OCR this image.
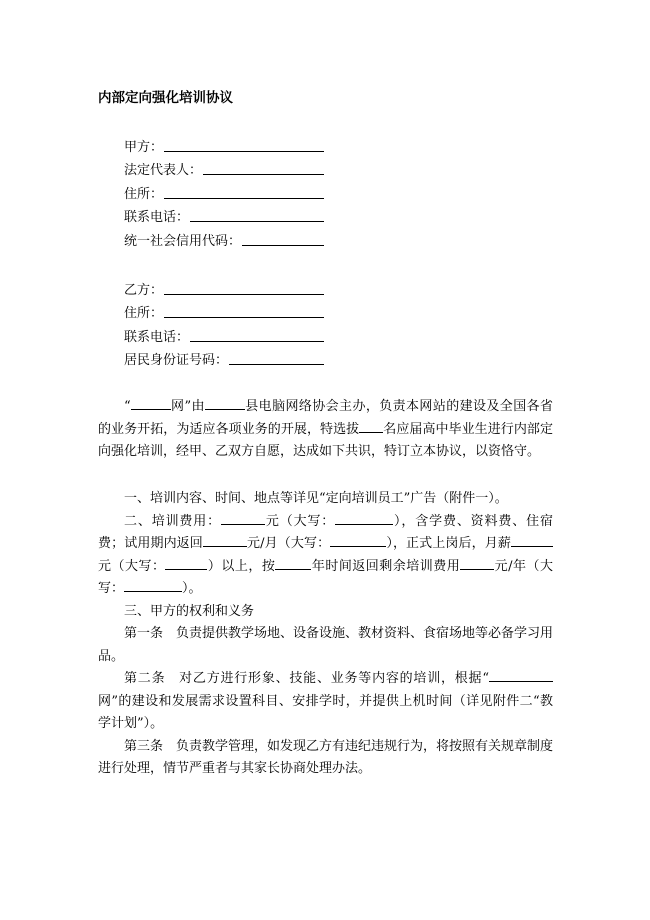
内部定向强化培训协议
甲方：
法定代表人：
住所：
联系电话：
统一社会信用代码：
乙方：
住所：
联系电话：
居民身份证号码：

“	网”由	县电脑网络协会主办，负责本网站的建设及全国各省的业务开拓，为适应各项业务的开展，特选拔 名应届高中毕业生进行内部定向强化培训，经甲、乙双方自愿，达成如下共识，特订立本协议，以资恪守。

一、培训内容、时间、地点等详见“定向培训员工”广告（附件一）。

二、培训费用：	元（大写：	），含学费、资料费、住宿费；试用期内返回	元/月（大写：	），正式上岗后，月薪元（大写：	）以上，按	年时间返回剩余培训费用	元/年（大写：	）。

三、甲方的权利和义务

第一条　负责提供教学场地、设备设施、教材资料、食宿场地等必备学习用品。

第二条　对乙方进行形象、技能、业务等内容的培训，根据“网”的建设和发展需求设置科目、安排学时，并提供上机时间（详见附件二“教学计划”）。

第三条　负责教学管理，如发现乙方有违纪违规行为，将按照有关规章制度进行处理，情节严重者与其家长协商处理办法。
